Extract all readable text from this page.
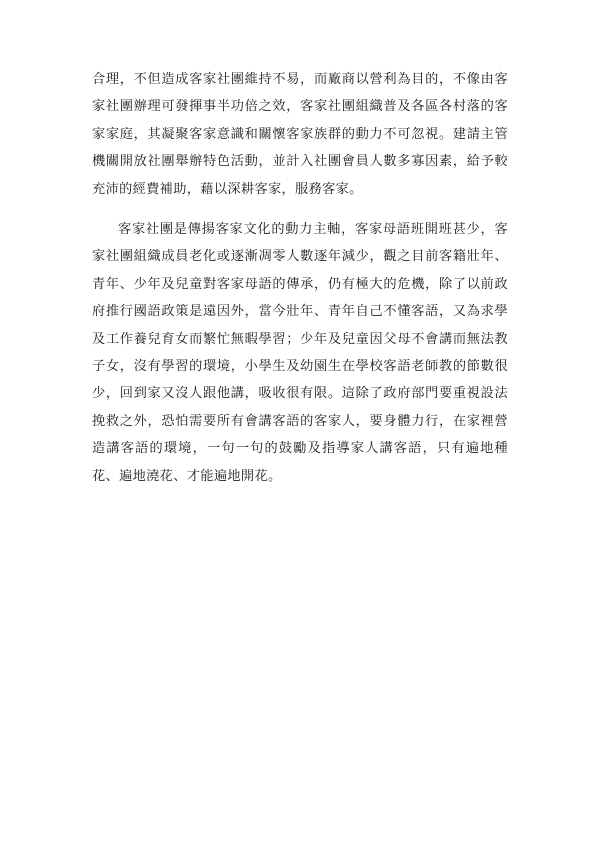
合理，不但造成客家社團維持不易，而廠商以營利為目的，不像由客家社團辦理可發揮事半功倍之效，客家社團組織普及各區各村落的客家家庭，其凝聚客家意識和關懷客家族群的動力不可忽視。建請主管機關開放社團舉辦特色活動，並計入社團會員人數多寡因素，給予較充沛的經費補助，藉以深耕客家，服務客家。

客家社團是傳揚客家文化的動力主軸，客家母語班開班甚少，客家社團組織成員老化或逐漸凋零人數逐年減少，觀之目前客籍壯年、青年、少年及兒童對客家母語的傳承，仍有極大的危機，除了以前政府推行國語政策是遠因外，當今壯年、青年自己不懂客語，又為求學及工作養兒育女而繁忙無暇學習；少年及兒童因父母不會講而無法教子女，沒有學習的環境，小學生及幼園生在學校客語老師教的節數很少，回到家又沒人跟他講，吸收很有限。這除了政府部門要重視設法挽救之外，恐怕需要所有會講客語的客家人，要身體力行，在家裡營造講客語的環境，一句一句的鼓勵及指導家人講客語，只有遍地種花、遍地澆花、才能遍地開花。
